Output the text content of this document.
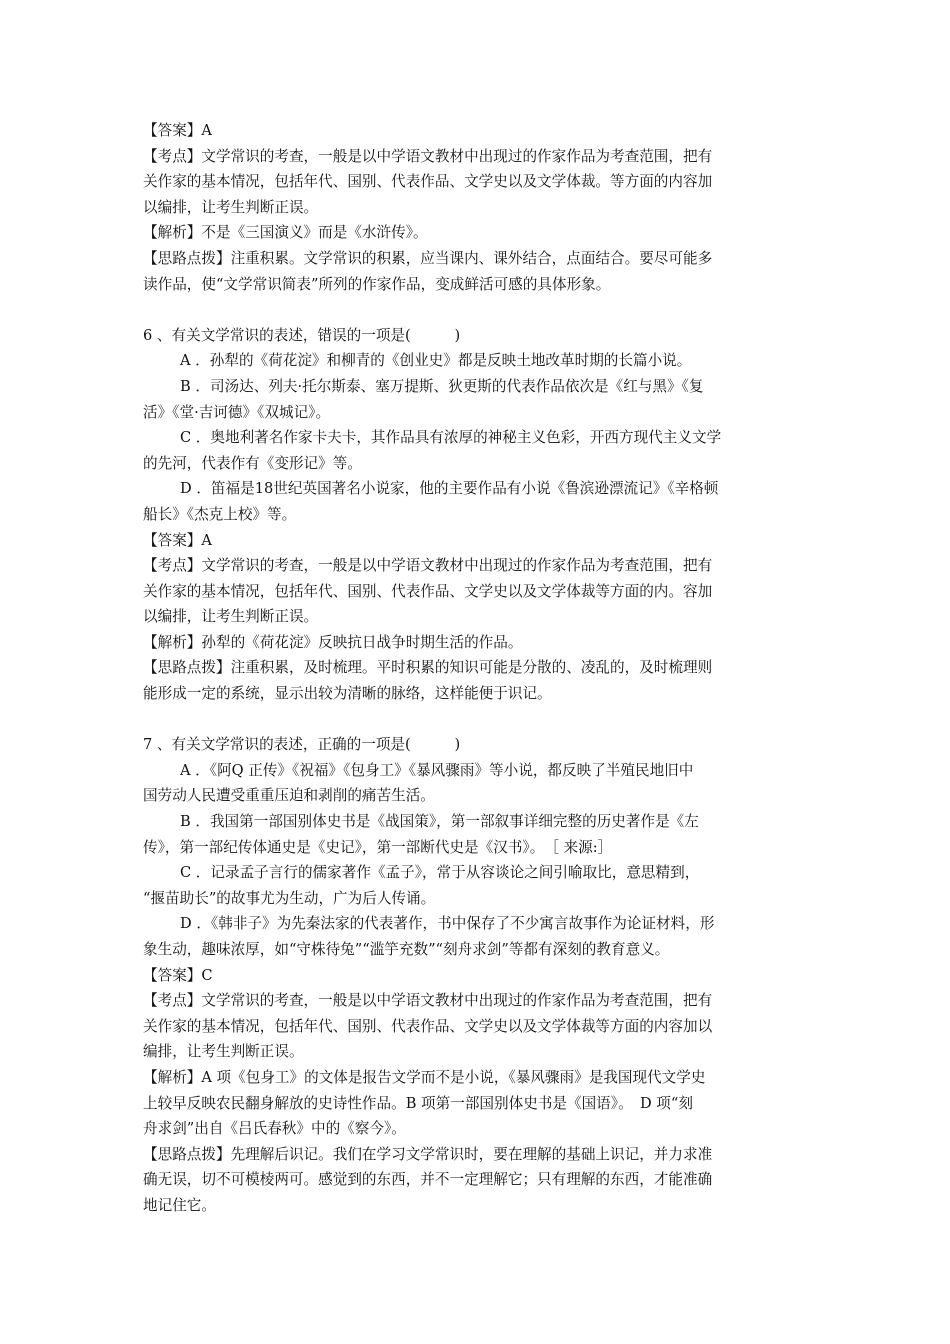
【答案】A
【考点】文学常识的考查，一般是以中学语文教材中出现过的作家作品为考查范围，把有
关作家的基本情况，包括年代、国别、代表作品、文学史以及文学体裁。等方面的内容加
以编排，让考生判断正误。
【解析】不是《三国演义》而是《水浒传》。
【思路点拨】注重积累。文学常识的积累，应当课内、课外结合，点面结合。要尽可能多
读作品，使“文学常识简表”所列的作家作品，变成鲜活可感的具体形象。
6 、有关文学常识的表述，错误的一项是(　　　)
A ．孙犁的《荷花淀》和柳青的《创业史》都是反映土地改革时期的长篇小说。
B ．司汤达、列夫·托尔斯泰、塞万提斯、狄更斯的代表作品依次是《红与黑》《复
活》《堂·吉诃德》《双城记》。
C ．奥地利著名作家卡夫卡，其作品具有浓厚的神秘主义色彩，开西方现代主义文学
的先河，代表作有《变形记》等。
D ．笛福是18世纪英国著名小说家，他的主要作品有小说《鲁滨逊漂流记》《辛格顿
船长》《杰克上校》等。
【答案】A
【考点】文学常识的考查，一般是以中学语文教材中出现过的作家作品为考查范围，把有
关作家的基本情况，包括年代、国别、代表作品、文学史以及文学体裁等方面的内。容加
以编排，让考生判断正误。
【解析】孙犁的《荷花淀》反映抗日战争时期生活的作品。
【思路点拨】注重积累，及时梳理。平时积累的知识可能是分散的、凌乱的，及时梳理则
能形成一定的系统，显示出较为清晰的脉络，这样能便于识记。
7 、有关文学常识的表述，正确的一项是(　　　)
A ．《阿Q 正传》《祝福》《包身工》《暴风骤雨》等小说，都反映了半殖民地旧中
国劳动人民遭受重重压迫和剥削的痛苦生活。
B ．我国第一部国别体史书是《战国策》，第一部叙事详细完整的历史著作是《左
传》，第一部纪传体通史是《史记》，第一部断代史是《汉书》。　［ 来源:］
C ．记录孟子言行的儒家著作《孟子》，常于从容谈论之间引喻取比，意思精到，
“揠苗助长”的故事尤为生动，广为后人传诵。
D ．《韩非子》为先秦法家的代表著作，书中保存了不少寓言故事作为论证材料，形
象生动，趣味浓厚，如“守株待兔”“滥竽充数”“刻舟求剑”等都有深刻的教育意义。
【答案】C
【考点】文学常识的考查，一般是以中学语文教材中出现过的作家作品为考查范围，把有
关作家的基本情况，包括年代、国别、代表作品、文学史以及文学体裁等方面的内容加以
编排，让考生判断正误。
【解析】A 项《包身工》的文体是报告文学而不是小说，《暴风骤雨》是我国现代文学史
上较早反映农民翻身解放的史诗性作品。B 项第一部国别体史书是《国语》。　D 项“刻
舟求剑”出自《吕氏春秋》中的《察今》。
【思路点拨】先理解后识记。我们在学习文学常识时，要在理解的基础上识记，并力求准
确无误，切不可模棱两可。感觉到的东西，并不一定理解它；只有理解的东西，才能准确
地记住它。
